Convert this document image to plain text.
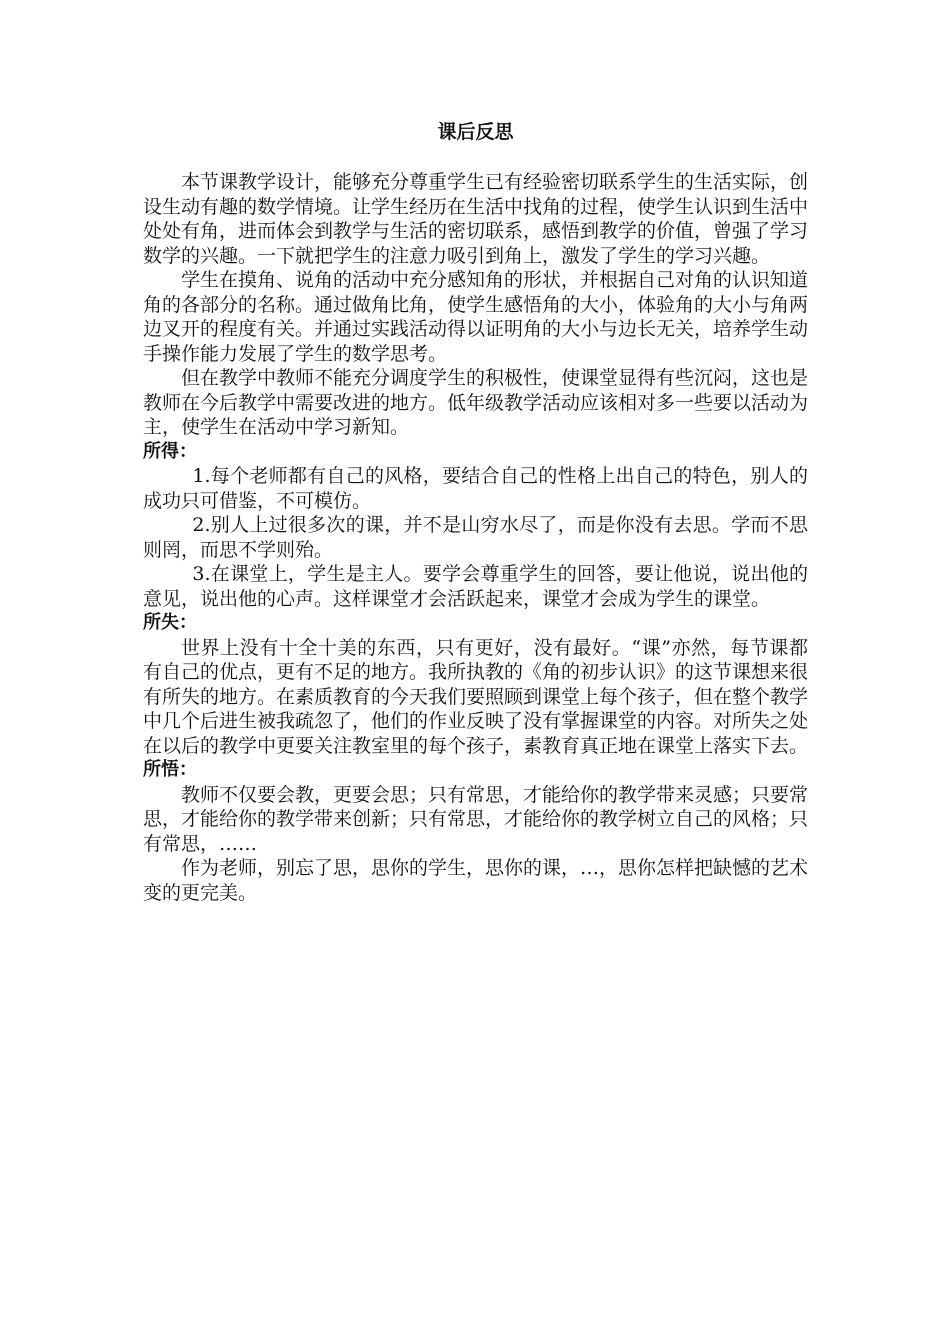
课后反思

本节课教学设计，能够充分尊重学生已有经验密切联系学生的生活实际，创设生动有趣的数学情境。让学生经历在生活中找角的过程，使学生认识到生活中处处有角，进而体会到教学与生活的密切联系，感悟到教学的价值，曾强了学习数学的兴趣。一下就把学生的注意力吸引到角上，激发了学生的学习兴趣。

学生在摸角、说角的活动中充分感知角的形状，并根据自己对角的认识知道角的各部分的名称。通过做角比角，使学生感悟角的大小，体验角的大小与角两边叉开的程度有关。并通过实践活动得以证明角的大小与边长无关，培养学生动手操作能力发展了学生的数学思考。

但在教学中教师不能充分调度学生的积极性，使课堂显得有些沉闷，这也是教师在今后教学中需要改进的地方。低年级教学活动应该相对多一些要以活动为主，使学生在活动中学习新知。

所得：

1.每个老师都有自己的风格，要结合自己的性格上出自己的特色，别人的成功只可借鉴，不可模仿。

2.别人上过很多次的课，并不是山穷水尽了，而是你没有去思。学而不思则罔，而思不学则殆。

3.在课堂上，学生是主人。要学会尊重学生的回答，要让他说，说出他的意见，说出他的心声。这样课堂才会活跃起来，课堂才会成为学生的课堂。

所失：

世界上没有十全十美的东西，只有更好，没有最好。“课”亦然，每节课都有自己的优点，更有不足的地方。我所执教的《角的初步认识》的这节课想来很有所失的地方。在素质教育的今天我们要照顾到课堂上每个孩子，但在整个教学中几个后进生被我疏忽了，他们的作业反映了没有掌握课堂的内容。对所失之处在以后的教学中更要关注教室里的每个孩子，素教育真正地在课堂上落实下去。

所悟：

教师不仅要会教，更要会思；只有常思，才能给你的教学带来灵感；只要常思，才能给你的教学带来创新；只有常思，才能给你的教学树立自己的风格；只有常思，……

作为老师，别忘了思，思你的学生，思你的课，…，思你怎样把缺憾的艺术变的更完美。
